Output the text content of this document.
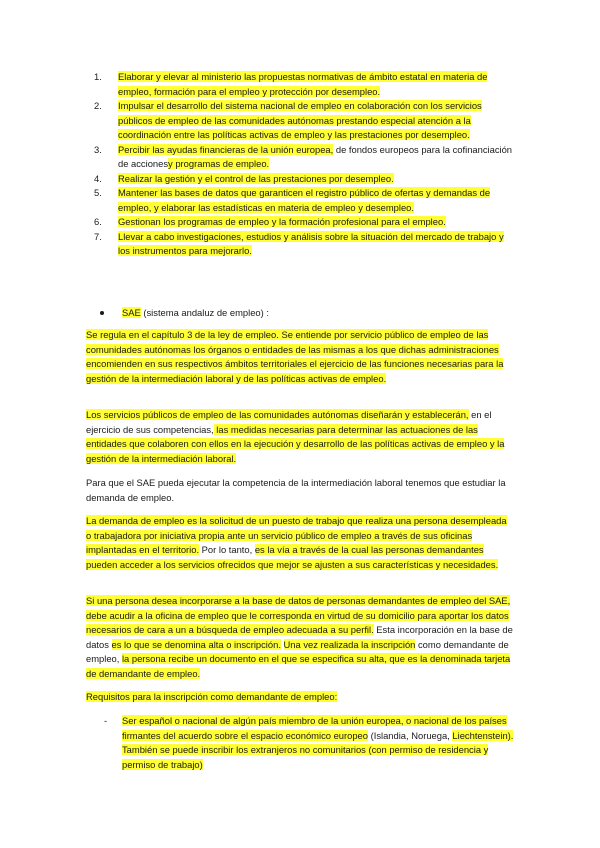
1. Elaborar y elevar al ministerio las propuestas normativas de ámbito estatal en materia de empleo, formación para el empleo y protección por desempleo.
2. Impulsar el desarrollo del sistema nacional de empleo en colaboración con los servicios públicos de empleo de las comunidades autónomas prestando especial atención a la coordinación entre las políticas activas de empleo y las prestaciones por desempleo.
3. Percibir las ayudas financieras de la unión europea, de fondos europeos para la cofinanciación de accionesy programas de empleo.
4. Realizar la gestión y el control de las prestaciones por desempleo.
5. Mantener las bases de datos que garanticen el registro público de ofertas y demandas de empleo, y elaborar las estadísticas en materia de empleo y desempleo.
6. Gestionan los programas de empleo y la formación profesional para el empleo.
7. Llevar a cabo investigaciones, estudios y análisis sobre la situación del mercado de trabajo y los instrumentos para mejorarlo.
SAE (sistema andaluz de empleo) :

Se regula en el capítulo 3 de la ley de empleo. Se entiende por servicio público de empleo de las comunidades autónomas los órganos o entidades de las mismas a los que dichas administraciones encomienden en sus respectivos ámbitos territoriales el ejercicio de las funciones necesarias para la gestión de la intermediación laboral y de las políticas activas de empleo.

Los servicios públicos de empleo de las comunidades autónomas diseñarán y establecerán, en el ejercicio de sus competencias, las medidas necesarias para determinar las actuaciones de las entidades que colaboren con ellos en la ejecución y desarrollo de las políticas activas de empleo y la gestión de la intermediación laboral.

Para que el SAE pueda ejecutar la competencia de la intermediación laboral tenemos que estudiar la demanda de empleo.

La demanda de empleo es la solicitud de un puesto de trabajo que realiza una persona desempleada o trabajadora por iniciativa propia ante un servicio público de empleo a través de sus oficinas implantadas en el territorio. Por lo tanto, es la vía a través de la cual las personas demandantes pueden acceder a los servicios ofrecidos que mejor se ajusten a sus características y necesidades.

Si una persona desea incorporarse a la base de datos de personas demandantes de empleo del SAE, debe acudir a la oficina de empleo que le corresponda en virtud de su domicilio para aportar los datos necesarios de cara a un a búsqueda de empleo adecuada a su perfil. Esta incorporación en la base de datos es lo que se denomina alta o inscripción. Una vez realizada la inscripción como demandante de empleo, la persona recibe un documento en el que se especifica su alta, que es la denominada tarjeta de demandante de empleo.

Requisitos para la inscripción como demandante de empleo:

- Ser español o nacional de algún país miembro de la unión europea, o nacional de los países firmantes del acuerdo sobre el espacio económico europeo (Islandia, Noruega, Liechtenstein). También se puede inscribir los extranjeros no comunitarios (con permiso de residencia y permiso de trabajo)
